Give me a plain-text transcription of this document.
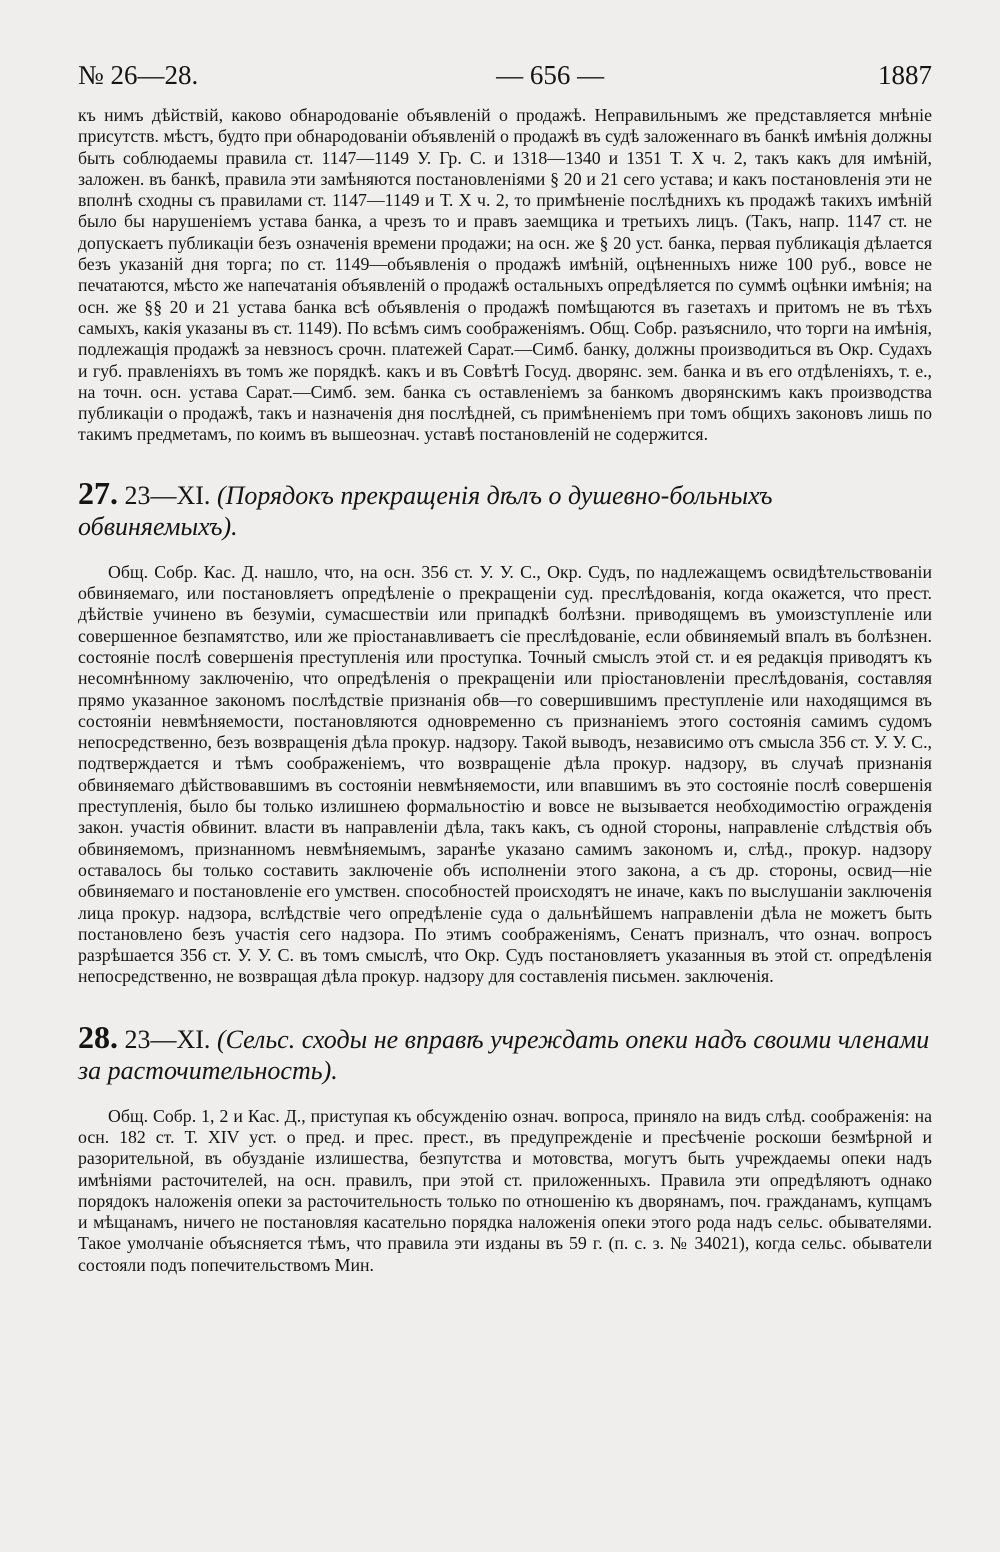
№ 26—28.	— 656 —	1887

къ нимъ дѣйствій, каково обнародованіе объявленій о продажѣ. Неправильнымъ же представляется мнѣніе присутств. мѣстъ, будто при обнародованіи объявленій о продажѣ въ судѣ заложеннаго въ банкѣ имѣнія должны быть соблюдаемы правила ст. 1147—1149 У. Гр. С. и 1318—1340 и 1351 Т. X ч. 2, такъ какъ для имѣній, заложен. въ банкѣ, правила эти замѣняются постановленіями § 20 и 21 сего устава; и какъ постановленія эти не вполнѣ сходны съ правилами ст. 1147—1149 и Т. X ч. 2, то примѣненіе послѣднихъ къ продажѣ такихъ имѣній было бы нарушеніемъ устава банка, а чрезъ то и правъ заемщика и третьихъ лицъ. (Такъ, напр. 1147 ст. не допускаетъ публикаціи безъ означенія времени продажи; на осн. же § 20 уст. банка, первая публикація дѣлается безъ указаній дня торга; по ст. 1149—объявленія о продажѣ имѣній, оцѣненныхъ ниже 100 руб., вовсе не печатаются, мѣсто же напечатанія объявленій о продажѣ остальныхъ опредѣляется по суммѣ оцѣнки имѣнія; на осн. же §§ 20 и 21 устава банка всѣ объявленія о продажѣ помѣщаются въ газетахъ и притомъ не въ тѣхъ самыхъ, какія указаны въ ст. 1149). По всѣмъ симъ соображеніямъ. Общ. Собр. разъяснило, что торги на имѣнія, подлежащія продажѣ за невзносъ срочн. платежей Сарат.—Симб. банку, должны производиться въ Окр. Судахъ и губ. правленіяхъ въ томъ же порядкѣ. какъ и въ Совѣтѣ Госуд. дворянс. зем. банка и въ его отдѣленіяхъ, т. е., на точн. осн. устава Сарат.—Симб. зем. банка съ оставленіемъ за банкомъ дворянскимъ какъ производства публикаціи о продажѣ, такъ и назначенія дня послѣдней, съ примѣненіемъ при томъ общихъ законовъ лишь по такимъ предметамъ, по коимъ въ вышеознач. уставѣ постановленій не содержится.

27. 23—XI. (Порядокъ прекращенія дѣлъ о душевно-больныхъ обвиняемыхъ).

Общ. Собр. Кас. Д. нашло, что, на осн. 356 ст. У. У. С., Окр. Судъ, по надлежащемъ освидѣтельствованіи обвиняемаго, или постановляетъ опредѣленіе о прекращеніи суд. преслѣдованія, когда окажется, что прест. дѣйствіе учинено въ безуміи, сумасшествіи или припадкѣ болѣзни. приводящемъ въ умоизступленіе или совершенное безпамятство, или же пріостанавливаетъ сіе преслѣдованіе, если обвиняемый впалъ въ болѣзнен. состояніе послѣ совершенія преступленія или проступка. Точный смыслъ этой ст. и ея редакція приводятъ къ несомнѣнному заключенію, что опредѣленія о прекращеніи или пріостановленіи преслѣдованія, составляя прямо указанное закономъ послѣдствіе признанія обв—го совершившимъ преступленіе или находящимся въ состояніи невмѣняемости, постановляются одновременно съ признаніемъ этого состоянія самимъ судомъ непосредственно, безъ возвращенія дѣла прокур. надзору. Такой выводъ, независимо отъ смысла 356 ст. У. У. С., подтверждается и тѣмъ соображеніемъ, что возвращеніе дѣла прокур. надзору, въ случаѣ признанія обвиняемаго дѣйствовавшимъ въ состояніи невмѣняемости, или впавшимъ въ это состояніе послѣ совершенія преступленія, было бы только излишнею формальностію и вовсе не вызывается необходимостію огражденія закон. участія обвинит. власти въ направленіи дѣла, такъ какъ, съ одной стороны, направленіе слѣдствія объ обвиняемомъ, признанномъ невмѣняемымъ, заранѣе указано самимъ закономъ и, слѣд., прокур. надзору оставалось бы только составить заключеніе объ исполненіи этого закона, а съ др. стороны, освид—ніе обвиняемаго и постановленіе его умствен. способностей происходятъ не иначе, какъ по выслушаніи заключенія лица прокур. надзора, вслѣдствіе чего опредѣленіе суда о дальнѣйшемъ направленіи дѣла не можетъ быть постановлено безъ участія сего надзора. По этимъ соображеніямъ, Сенатъ призналъ, что означ. вопросъ разрѣшается 356 ст. У. У. С. въ томъ смыслѣ, что Окр. Судъ постановляетъ указанныя въ этой ст. опредѣленія непосредственно, не возвращая дѣла прокур. надзору для составленія письмен. заключенія.

28. 23—XI. (Сельс. сходы не вправѣ учреждать опеки надъ своими членами за расточительность).

Общ. Собр. 1, 2 и Кас. Д., приступая къ обсужденію означ. вопроса, приняло на видъ слѣд. соображенія: на осн. 182 ст. Т. XIV уст. о пред. и прес. прест., въ предупрежденіе и пресѣченіе роскоши безмѣрной и разорительной, въ обузданіе излишества, безпутства и мотовства, могутъ быть учреждаемы опеки надъ имѣніями расточителей, на осн. правилъ, при этой ст. приложенныхъ. Правила эти опредѣляютъ однако порядокъ наложенія опеки за расточительность только по отношенію къ дворянамъ, поч. гражданамъ, купцамъ и мѣщанамъ, ничего не постановляя касательно порядка наложенія опеки этого рода надъ сельс. обывателями. Такое умолчаніе объясняется тѣмъ, что правила эти изданы въ 59 г. (п. с. з. № 34021), когда сельс. обыватели состояли подъ попечительствомъ Мин.
